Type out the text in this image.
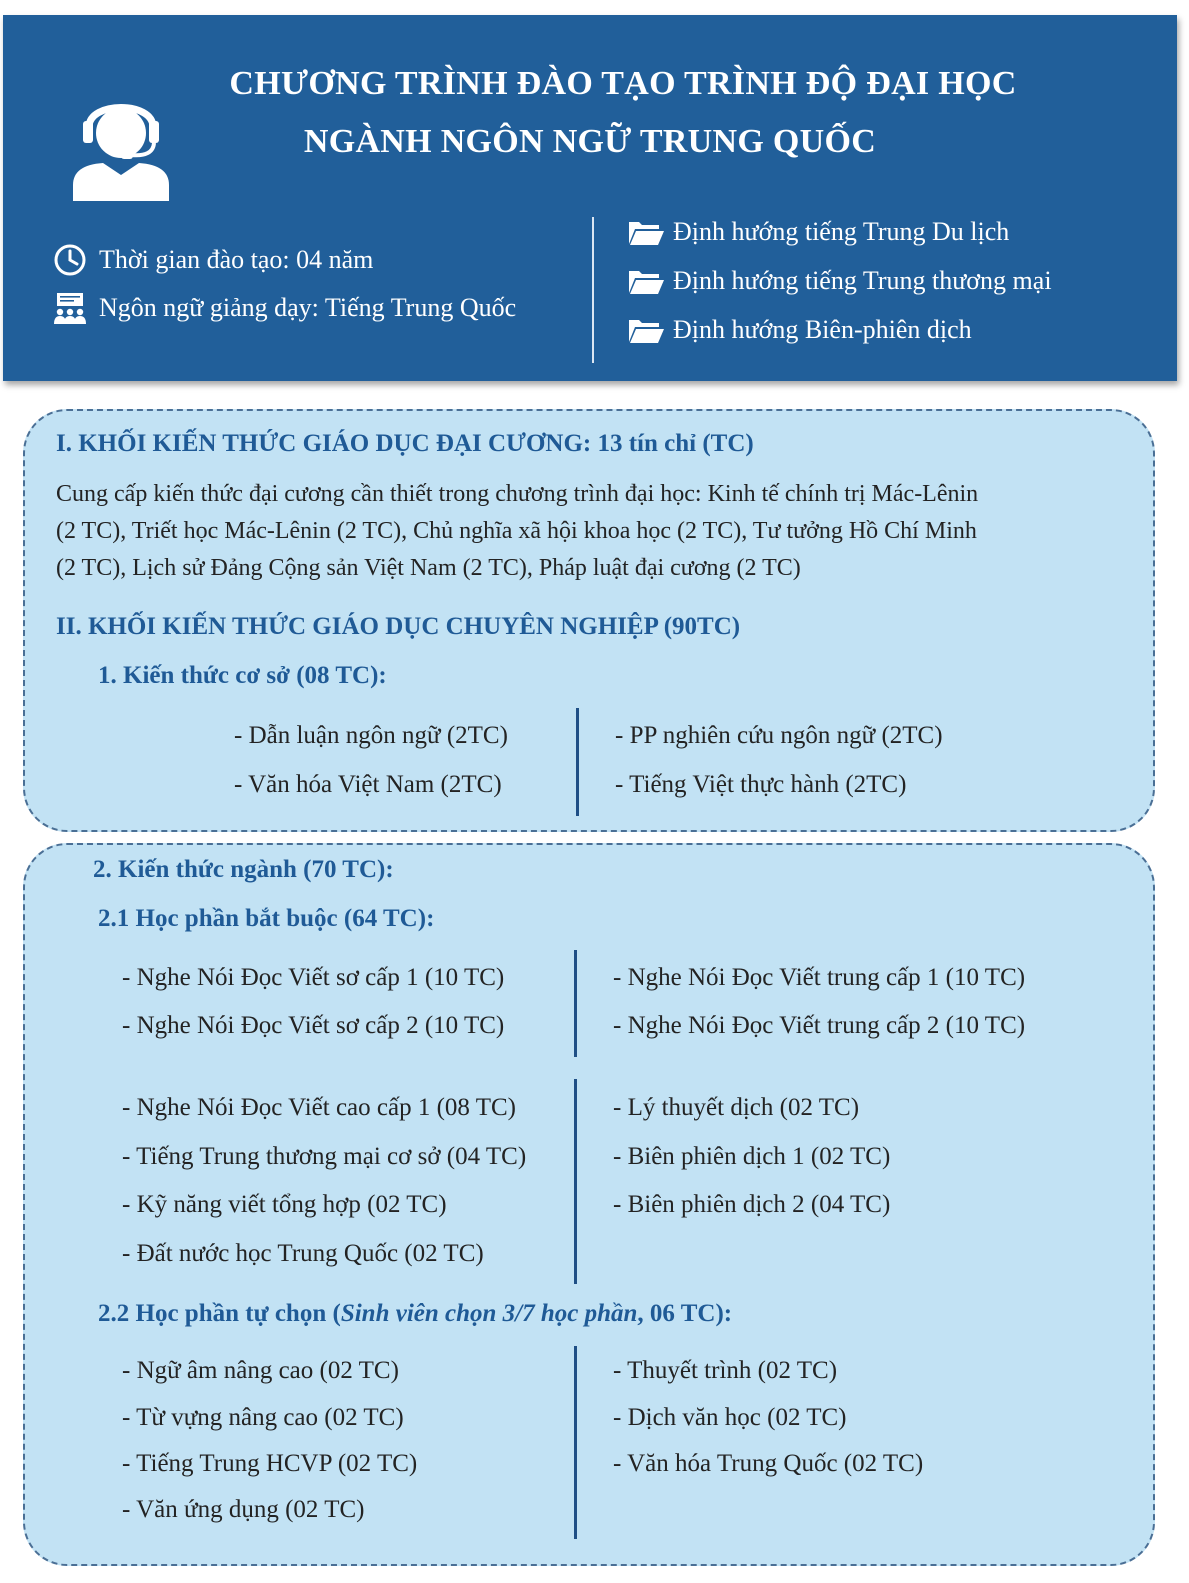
CHƯƠNG TRÌNH ĐÀO TẠO TRÌNH ĐỘ ĐẠI HỌC
NGÀNH NGÔN NGỮ TRUNG QUỐC
Thời gian đào tạo: 04 năm
Ngôn ngữ giảng dạy: Tiếng Trung Quốc
Định hướng tiếng Trung Du lịch
Định hướng tiếng Trung thương mại
Định hướng Biên-phiên dịch
I. KHỐI KIẾN THỨC GIÁO DỤC ĐẠI CƯƠNG: 13 tín chỉ (TC)
Cung cấp kiến thức đại cương cần thiết trong chương trình đại học: Kinh tế chính trị Mác-Lênin
(2 TC), Triết học Mác-Lênin (2 TC), Chủ nghĩa xã hội khoa học (2 TC), Tư tưởng Hồ Chí Minh
(2 TC), Lịch sử Đảng Cộng sản Việt Nam (2 TC), Pháp luật đại cương (2 TC)
II. KHỐI KIẾN THỨC GIÁO DỤC CHUYÊN NGHIỆP (90TC)
1. Kiến thức cơ sở (08 TC):
- Dẫn luận ngôn ngữ (2TC)
- Văn hóa Việt Nam (2TC)
- PP nghiên cứu ngôn ngữ (2TC)
- Tiếng Việt thực hành (2TC)
2. Kiến thức ngành (70 TC):
2.1 Học phần bắt buộc (64 TC):
- Nghe Nói Đọc Viết sơ cấp 1 (10 TC)
- Nghe Nói Đọc Viết sơ cấp 2 (10 TC)
- Nghe Nói Đọc Viết trung cấp 1 (10 TC)
- Nghe Nói Đọc Viết trung cấp 2 (10 TC)
- Nghe Nói Đọc Viết cao cấp 1 (08 TC)
- Tiếng Trung thương mại cơ sở (04 TC)
- Kỹ năng viết tổng hợp (02 TC)
- Đất nước học Trung Quốc (02 TC)
- Lý thuyết dịch (02 TC)
- Biên phiên dịch 1 (02 TC)
- Biên phiên dịch 2 (04 TC)
2.2 Học phần tự chọn (Sinh viên chọn 3/7 học phần, 06 TC):
- Ngữ âm nâng cao (02 TC)
- Từ vựng nâng cao (02 TC)
- Tiếng Trung HCVP (02 TC)
- Văn ứng dụng (02 TC)
- Thuyết trình (02 TC)
- Dịch văn học (02 TC)
- Văn hóa Trung Quốc (02 TC)
